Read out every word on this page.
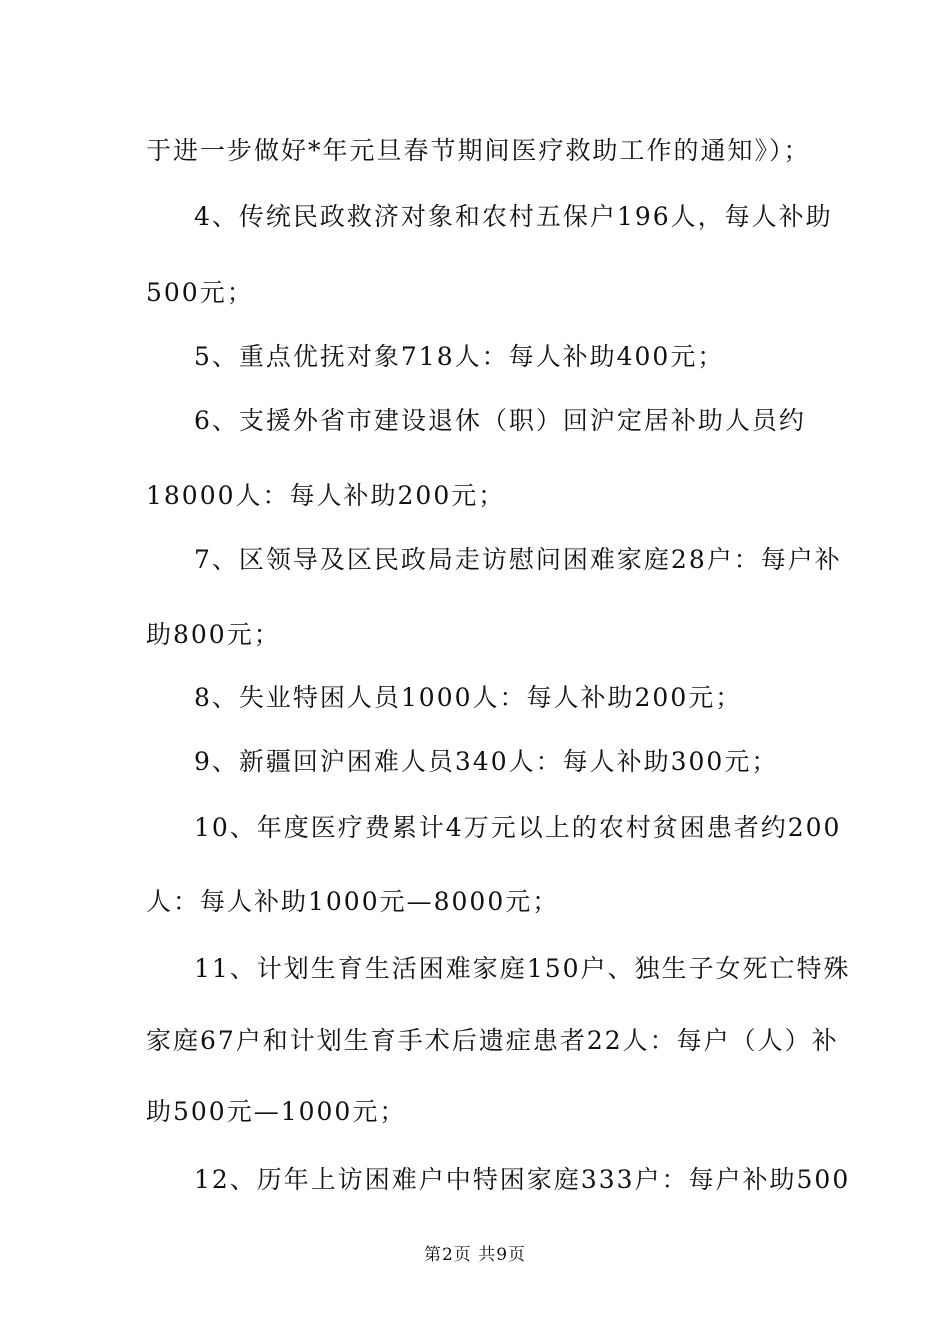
于进一步做好*年元旦春节期间医疗救助工作的通知》）；
4、传统民政救济对象和农村五保户196人，每人补助
500元；
5、重点优抚对象718人：每人补助400元；
6、支援外省市建设退休（职）回沪定居补助人员约
18000人：每人补助200元；
7、区领导及区民政局走访慰问困难家庭28户：每户补
助800元；
8、失业特困人员1000人：每人补助200元；
9、新疆回沪困难人员340人：每人补助300元；
10、年度医疗费累计4万元以上的农村贫困患者约200
人：每人补助1000元—8000元；
11、计划生育生活困难家庭150户、独生子女死亡特殊
家庭67户和计划生育手术后遗症患者22人：每户（人）补
助500元—1000元；
12、历年上访困难户中特困家庭333户：每户补助500
第2页 共9页
